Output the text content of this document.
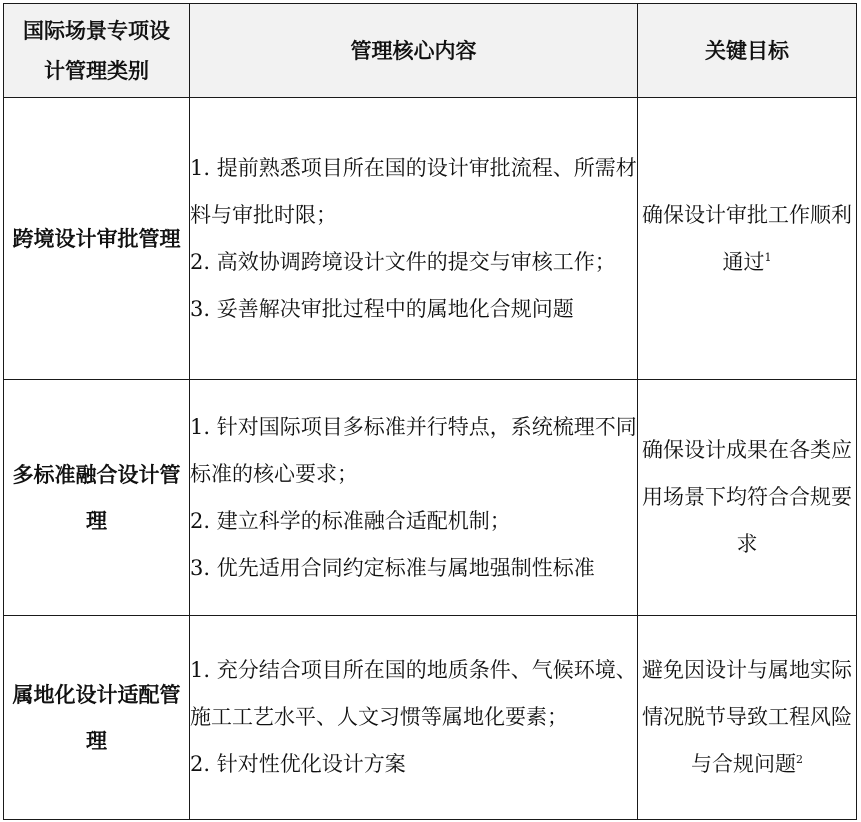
国际场景专项设计管理类别	管理核心内容	关键目标
跨境设计审批管理	1. 提前熟悉项目所在国的设计审批流程、所需材料与审批时限；
2. 高效协调跨境设计文件的提交与审核工作；
3. 妥善解决审批过程中的属地化合规问题	确保设计审批工作顺利通过$^1$
多标准融合设计管理	1. 针对国际项目多标准并行特点，系统梳理不同标准的核心要求；
2. 建立科学的标准融合适配机制；
3. 优先适用合同约定标准与属地强制性标准	确保设计成果在各类应用场景下均符合合规要求
属地化设计适配管理	1. 充分结合项目所在国的地质条件、气候环境、施工工艺水平、人文习惯等属地化要素；
2. 针对性优化设计方案	避免因设计与属地实际情况脱节导致工程风险与合规问题$^2$
